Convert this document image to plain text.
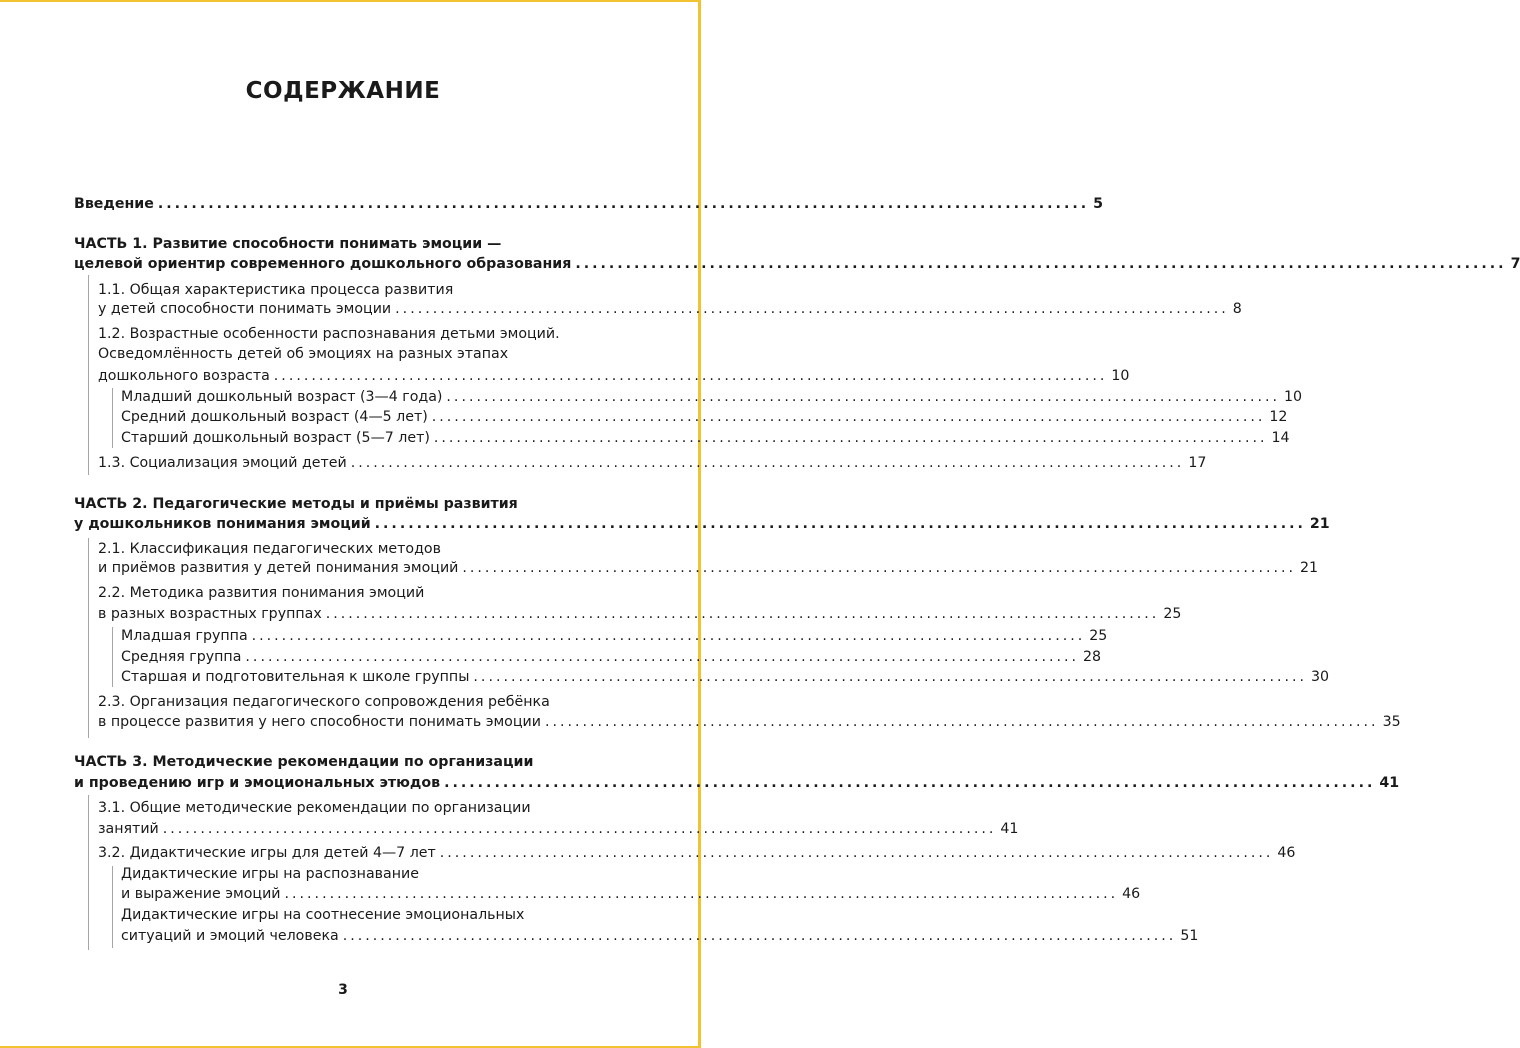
СОДЕРЖАНИЕ
Введение ............................................................................................................... 5
ЧАСТЬ 1. Развитие способности понимать эмоции —
целевой ориентир современного дошкольного образования ............................................................................................................... 7
1.1. Общая характеристика процесса развития
у детей способности понимать эмоции ............................................................................................................... 8
1.2. Возрастные особенности распознавания детьми эмоций.
Осведомлённость детей об эмоциях на разных этапах
дошкольного возраста ............................................................................................................... 10
Младший дошкольный возраст (3—4 года) ............................................................................................................... 10
Средний дошкольный возраст (4—5 лет) ............................................................................................................... 12
Старший дошкольный возраст (5—7 лет) ............................................................................................................... 14
1.3. Социализация эмоций детей ............................................................................................................... 17
ЧАСТЬ 2. Педагогические методы и приёмы развития
у дошкольников понимания эмоций ............................................................................................................... 21
2.1. Классификация педагогических методов
и приёмов развития у детей понимания эмоций ............................................................................................................... 21
2.2. Методика развития понимания эмоций
в разных возрастных группах ............................................................................................................... 25
Младшая группа ............................................................................................................... 25
Средняя группа ............................................................................................................... 28
Старшая и подготовительная к школе группы ............................................................................................................... 30
2.3. Организация педагогического сопровождения ребёнка
в процессе развития у него способности понимать эмоции ............................................................................................................... 35
ЧАСТЬ 3. Методические рекомендации по организации
и проведению игр и эмоциональных этюдов ............................................................................................................... 41
3.1. Общие методические рекомендации по организации
занятий ............................................................................................................... 41
3.2. Дидактические игры для детей 4—7 лет ............................................................................................................... 46
Дидактические игры на распознавание
и выражение эмоций ............................................................................................................... 46
Дидактические игры на соотнесение эмоциональных
ситуаций и эмоций человека ............................................................................................................... 51
3
